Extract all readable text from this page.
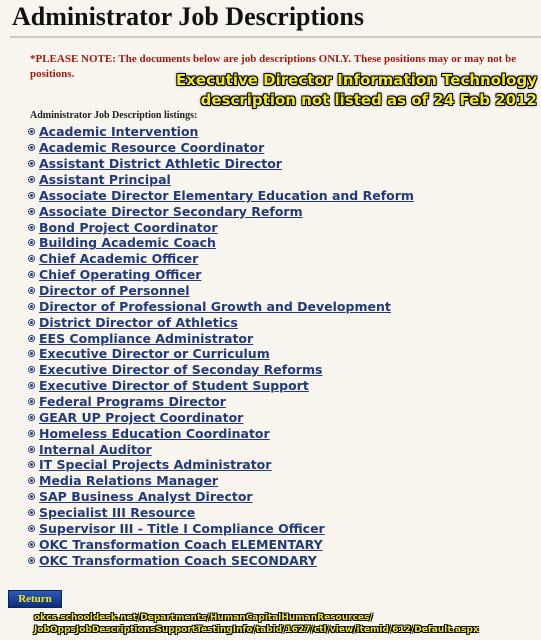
Administrator Job Descriptions
*PLEASE NOTE: The documents below are job descriptions ONLY. These positions may or may not be positions.	Executive Director Information Technology
description not listed as of 24 Feb 2012
Administrator Job Description listings:
Academic Intervention
Academic Resource Coordinator
Assistant District Athletic Director
Assistant Principal
Associate Director Elementary Education and Reform
Associate Director Secondary Reform
Bond Project Coordinator
Building Academic Coach
Chief Academic Officer
Chief Operating Officer
Director of Personnel
Director of Professional Growth and Development
District Director of Athletics
EES Compliance Administrator
Executive Director or Curriculum
Executive Director of Seconday Reforms
Executive Director of Student Support
Federal Programs Director
GEAR UP Project Coordinator
Homeless Education Coordinator
Internal Auditor
IT Special Projects Administrator
Media Relations Manager
SAP Business Analyst Director
Specialist III Resource
Supervisor III - Title I Compliance Officer
OKC Transformation Coach ELEMENTARY
OKC Transformation Coach SECONDARY
Return
okcs.schooldesk.net/Departments/HumanCapitalHumanResources/
JobOppsJobDescriptionsSupportTestingInfo/tabid/1627/ctl/view/itemid/612/Default.aspx
